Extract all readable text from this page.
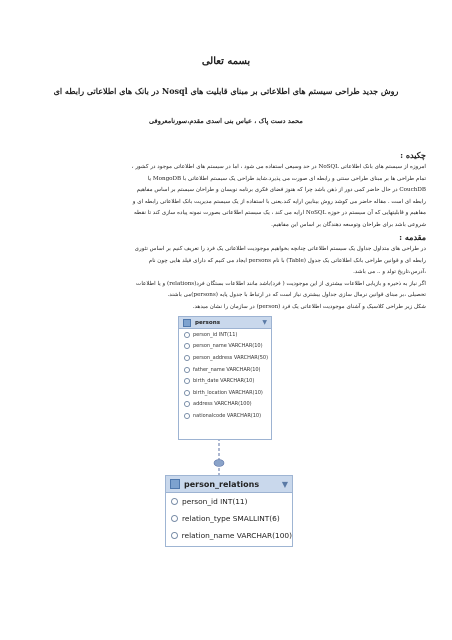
بسمه تعالی
روش جدید طراحی سیستم های اطلاعاتی بر مبنای قابلیت های Nosql در بانک های اطلاعاتی رابطه ای
محمد دست پاک ، عباس بنی اسدی مقدم،سورنامعروفی
چکیده :

امروزه از سیستم های بانک اطلاعاتی NoSQL در حد وسیعی استفاده می شود ، اما در سیستم های اطلاعاتی موجود در کشور ،

تمام طراحی ها بر مبنای طراحی سنتی و رابطه ای صورت می پذیرد.شاید طراحی یک سیستم اطلاعاتی با MongoDB یا

CouchDB در حال حاضر کمی دور از ذهن باشد چرا که هنوز فضای فکری برنامه نویسان و طراحان سیستم بر اساس مفاهیم

رابطه ای است . مقاله حاضر می کوشد روش بینابین ارایه کند.یعنی با استفاده از یک سیستم مدیریت بانک اطلاعاتی رابطه ای و

مفاهیم و قابلیتهایی که آن سیستم در حوزه NoSQL ارایه می کند ، یک سیستم اطلاعاتی بصورت نمونه پیاده سازی کند تا نقطه

شروعی باشد برای طراحان وتوسعه دهندگان بر اساس این مفاهیم.

مقدمه :

در طراحی های متداول جداول یک سیستم اطلاعاتی چنانچه بخواهیم موجودیت اطلاعاتی یک فرد را تعریف کنیم بر اساس تئوری

رابطه ای و قوانین طراحی بانک اطلاعاتی یک جدول (Table) با نام persons ایجاد می کنیم که دارای فیلد هایی چون نام

،آدرس،تاریخ تولد و .. می باشد.

اگر نیاز به ذخیره و بازیابی اطلاعات بیشتری از این موجودیت ( فرد)باشد مانند اطلاعات بستگان فرد(relations) و یا اطلاعات

تحصیلی ،بر مبنای قوانین نرمال سازی جداول بیشتری نیاز است که در ارتباط با جدول پایه (persons)می باشند.

شکل زیر طراحی کلاسیک و آشنای موجودیت اطلاعاتی یک فرد (person) در سازمان را نشان میدهد.

persons	▼
person_id INT(11)
person_name VARCHAR(10)
person_address VARCHAR(50)
father_name VARCHAR(10)
birth_date VARCHAR(10)
birth_location VARCHAR(10)
address VARCHAR(100)
nationalcode VARCHAR(10)
person_relations	▼
person_id INT(11)
relation_type SMALLINT(6)
relation_name VARCHAR(100)
